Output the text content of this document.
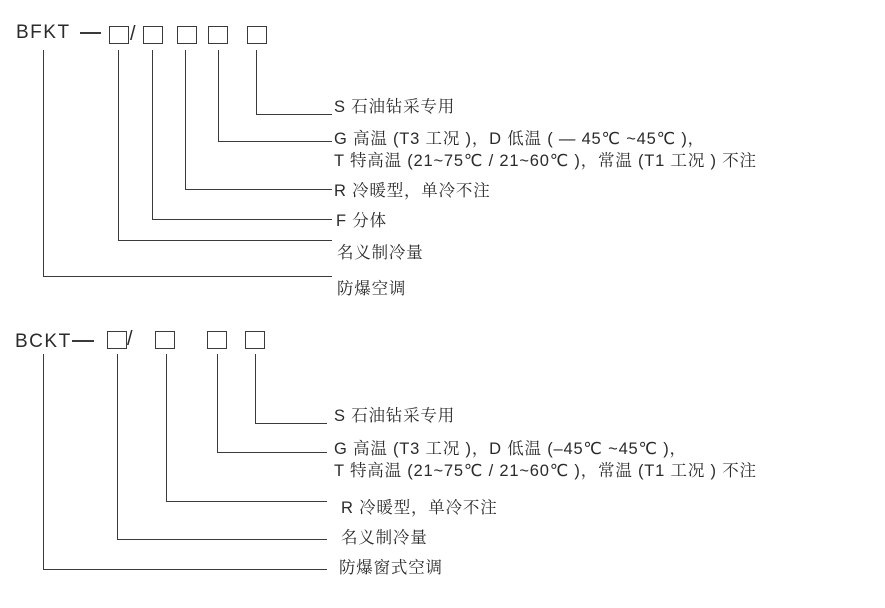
BFKT	/
S 石油钻采专用
G 高温 (T3 工况 )，D 低温 ( — 45℃ ~45℃ )，
T 特高温 (21~75℃ / 21~60℃ )，常温 (T1 工况 ) 不注
R 冷暖型，单冷不注
F 分体
名义制冷量
防爆空调
BCKT	/
S 石油钻采专用
G 高温 (T3 工况 )，D 低温 (–45℃ ~45℃ )，
T 特高温 (21~75℃ / 21~60℃ )，常温 (T1 工况 ) 不注
R 冷暖型，单冷不注
名义制冷量
防爆窗式空调
